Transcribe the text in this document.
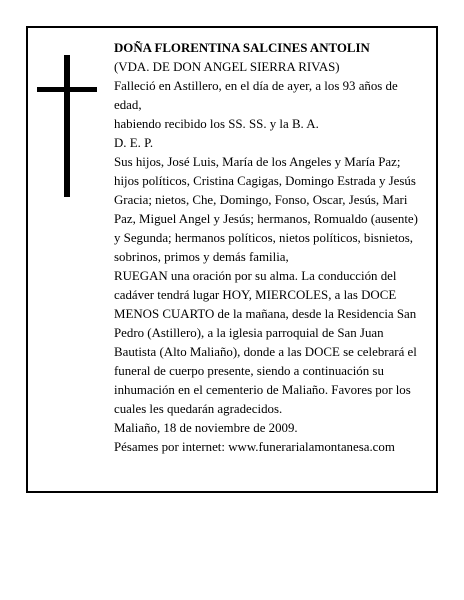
DOÑA FLORENTINA SALCINES ANTOLIN

(VDA. DE DON ANGEL SIERRA RIVAS)

Falleció en Astillero, en el día de ayer, a los 93 años de edad,

habiendo recibido los SS. SS. y la B. A.

D. E. P.

Sus hijos, José Luis, María de los Angeles y María Paz; hijos políticos, Cristina Cagigas, Domingo Estrada y Jesús Gracia; nietos, Che, Domingo, Fonso, Oscar, Jesús, Mari Paz, Miguel Angel y Jesús; hermanos, Romualdo (ausente) y Segunda; hermanos políticos, nietos políticos, bisnietos, sobrinos, primos y demás familia,

RUEGAN una oración por su alma. La conducción del cadáver tendrá lugar HOY, MIERCOLES, a las DOCE MENOS CUARTO de la mañana, desde la Residencia San Pedro (Astillero), a la iglesia parroquial de San Juan Bautista (Alto Maliaño), donde a las DOCE se celebrará el funeral de cuerpo presente, siendo a continuación su inhumación en el cementerio de Maliaño. Favores por los cuales les quedarán agradecidos.

Maliaño, 18 de noviembre de 2009.

Pésames por internet: www.funerarialamontanesa.com
